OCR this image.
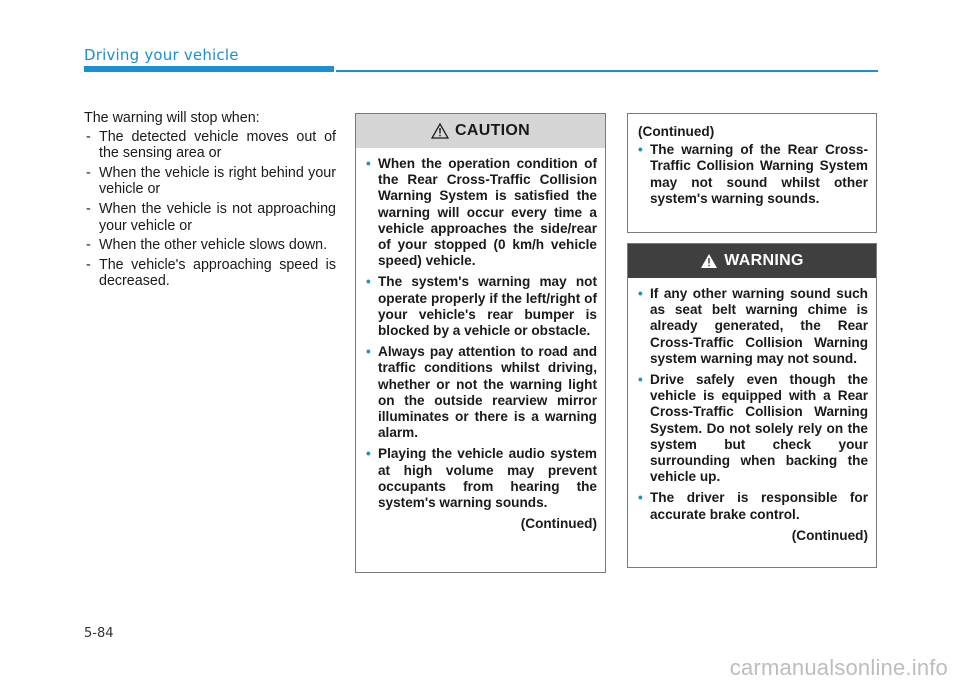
Driving your vehicle

The warning will stop when:

- The detected vehicle moves out of the sensing area or
- When the vehicle is right behind your vehicle or
- When the vehicle is not approaching your vehicle or
- When the other vehicle slows down.
- The vehicle's approaching speed is decreased.
CAUTION
• When the operation condition of the Rear Cross-Traffic Collision Warning System is satisfied the warning will occur every time a vehicle approaches the side/rear of your stopped (0 km/h vehicle speed) vehicle.
• The system's warning may not operate properly if the left/right of your vehicle's rear bumper is blocked by a vehicle or obstacle.
• Always pay attention to road and traffic conditions whilst driving, whether or not the warning light on the outside rearview mirror illuminates or there is a warning alarm.
• Playing the vehicle audio system at high volume may prevent occupants from hearing the system's warning sounds.
(Continued)
(Continued)
• The warning of the Rear Cross-Traffic Collision Warning System may not sound whilst other system's warning sounds.
WARNING
• If any other warning sound such as seat belt warning chime is already generated, the Rear Cross-Traffic Collision Warning system warning may not sound.
• Drive safely even though the vehicle is equipped with a Rear Cross-Traffic Collision Warning System. Do not solely rely on the system but check your surrounding when backing the vehicle up.
• The driver is responsible for accurate brake control.
(Continued)
5-84
carmanualsonline.info
